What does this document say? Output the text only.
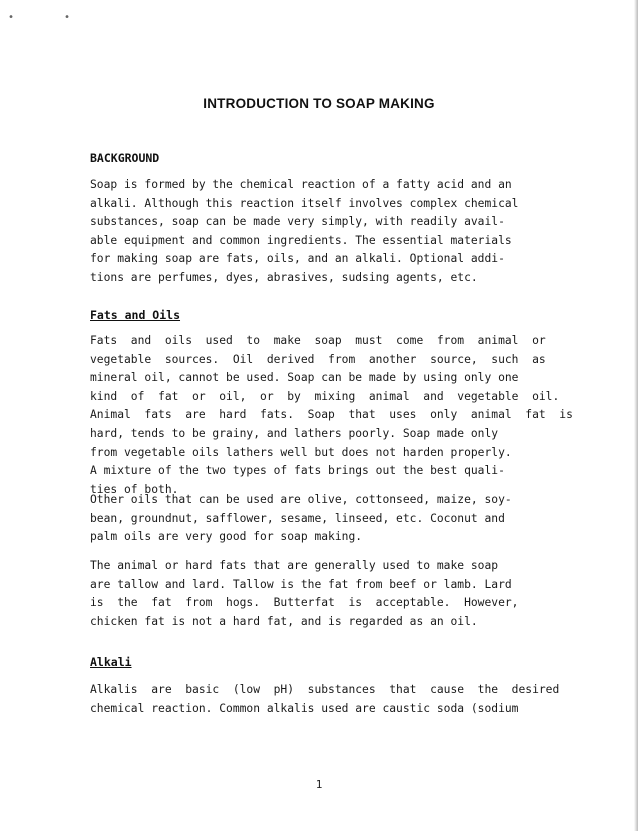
• •
INTRODUCTION TO SOAP MAKING
BACKGROUND
Soap is formed by the chemical reaction of a fatty acid and an
alkali. Although this reaction itself involves complex chemical
substances, soap can be made very simply, with readily avail-
able equipment and common ingredients. The essential materials
for making soap are fats, oils, and an alkali. Optional addi-
tions are perfumes, dyes, abrasives, sudsing agents, etc.
Fats and Oils
Fats  and  oils  used  to  make  soap  must  come  from  animal  or
vegetable  sources.  Oil  derived  from  another  source,  such  as
mineral oil, cannot be used. Soap can be made by using only one
kind  of  fat  or  oil,  or  by  mixing  animal  and  vegetable  oil.
Animal  fats  are  hard  fats.  Soap  that  uses  only  animal  fat  is
hard, tends to be grainy, and lathers poorly. Soap made only
from vegetable oils lathers well but does not harden properly.
A mixture of the two types of fats brings out the best quali-
ties of both.
Other oils that can be used are olive, cottonseed, maize, soy-
bean, groundnut, safflower, sesame, linseed, etc. Coconut and
palm oils are very good for soap making.
The animal or hard fats that are generally used to make soap
are tallow and lard. Tallow is the fat from beef or lamb. Lard
is  the  fat  from  hogs.  Butterfat  is  acceptable.  However,
chicken fat is not a hard fat, and is regarded as an oil.
Alkali
Alkalis  are  basic  (low  pH)  substances  that  cause  the  desired
chemical reaction. Common alkalis used are caustic soda (sodium
1
